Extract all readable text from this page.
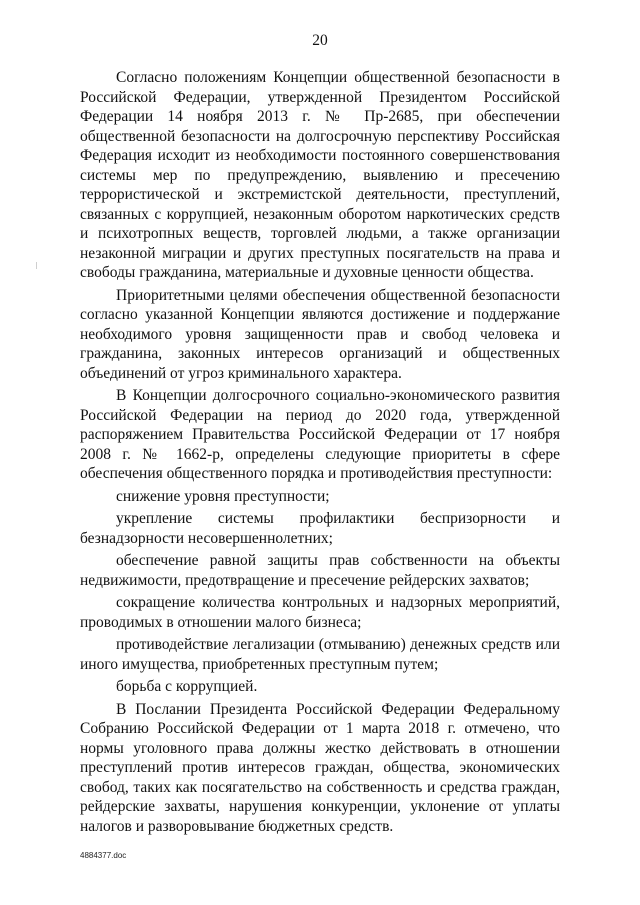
20

Согласно положениям Концепции общественной безопасности в Российской Федерации, утвержденной Президентом Российской Федерации 14 ноября 2013 г. № Пр-2685, при обеспечении общественной безопасности на долгосрочную перспективу Российская Федерация исходит из необходимости постоянного совершенствования системы мер по предупреждению, выявлению и пресечению террористической и экстремистской деятельности, преступлений, связанных с коррупцией, незаконным оборотом наркотических средств и психотропных веществ, торговлей людьми, а также организации незаконной миграции и других преступных посягательств на права и свободы гражданина, материальные и духовные ценности общества.

Приоритетными целями обеспечения общественной безопасности согласно указанной Концепции являются достижение и поддержание необходимого уровня защищенности прав и свобод человека и гражданина, законных интересов организаций и общественных объединений от угроз криминального характера.

В Концепции долгосрочного социально-экономического развития Российской Федерации на период до 2020 года, утвержденной распоряжением Правительства Российской Федерации от 17 ноября 2008 г. № 1662-р, определены следующие приоритеты в сфере обеспечения общественного порядка и противодействия преступности:

снижение уровня преступности;

укрепление системы профилактики беспризорности и безнадзорности несовершеннолетних;

обеспечение равной защиты прав собственности на объекты недвижимости, предотвращение и пресечение рейдерских захватов;

сокращение количества контрольных и надзорных мероприятий, проводимых в отношении малого бизнеса;

противодействие легализации (отмыванию) денежных средств или иного имущества, приобретенных преступным путем;

борьба с коррупцией.

В Послании Президента Российской Федерации Федеральному Собранию Российской Федерации от 1 марта 2018 г. отмечено, что нормы уголовного права должны жестко действовать в отношении преступлений против интересов граждан, общества, экономических свобод, таких как посягательство на собственность и средства граждан, рейдерские захваты, нарушения конкуренции, уклонение от уплаты налогов и разворовывание бюджетных средств.

4884377.doc
